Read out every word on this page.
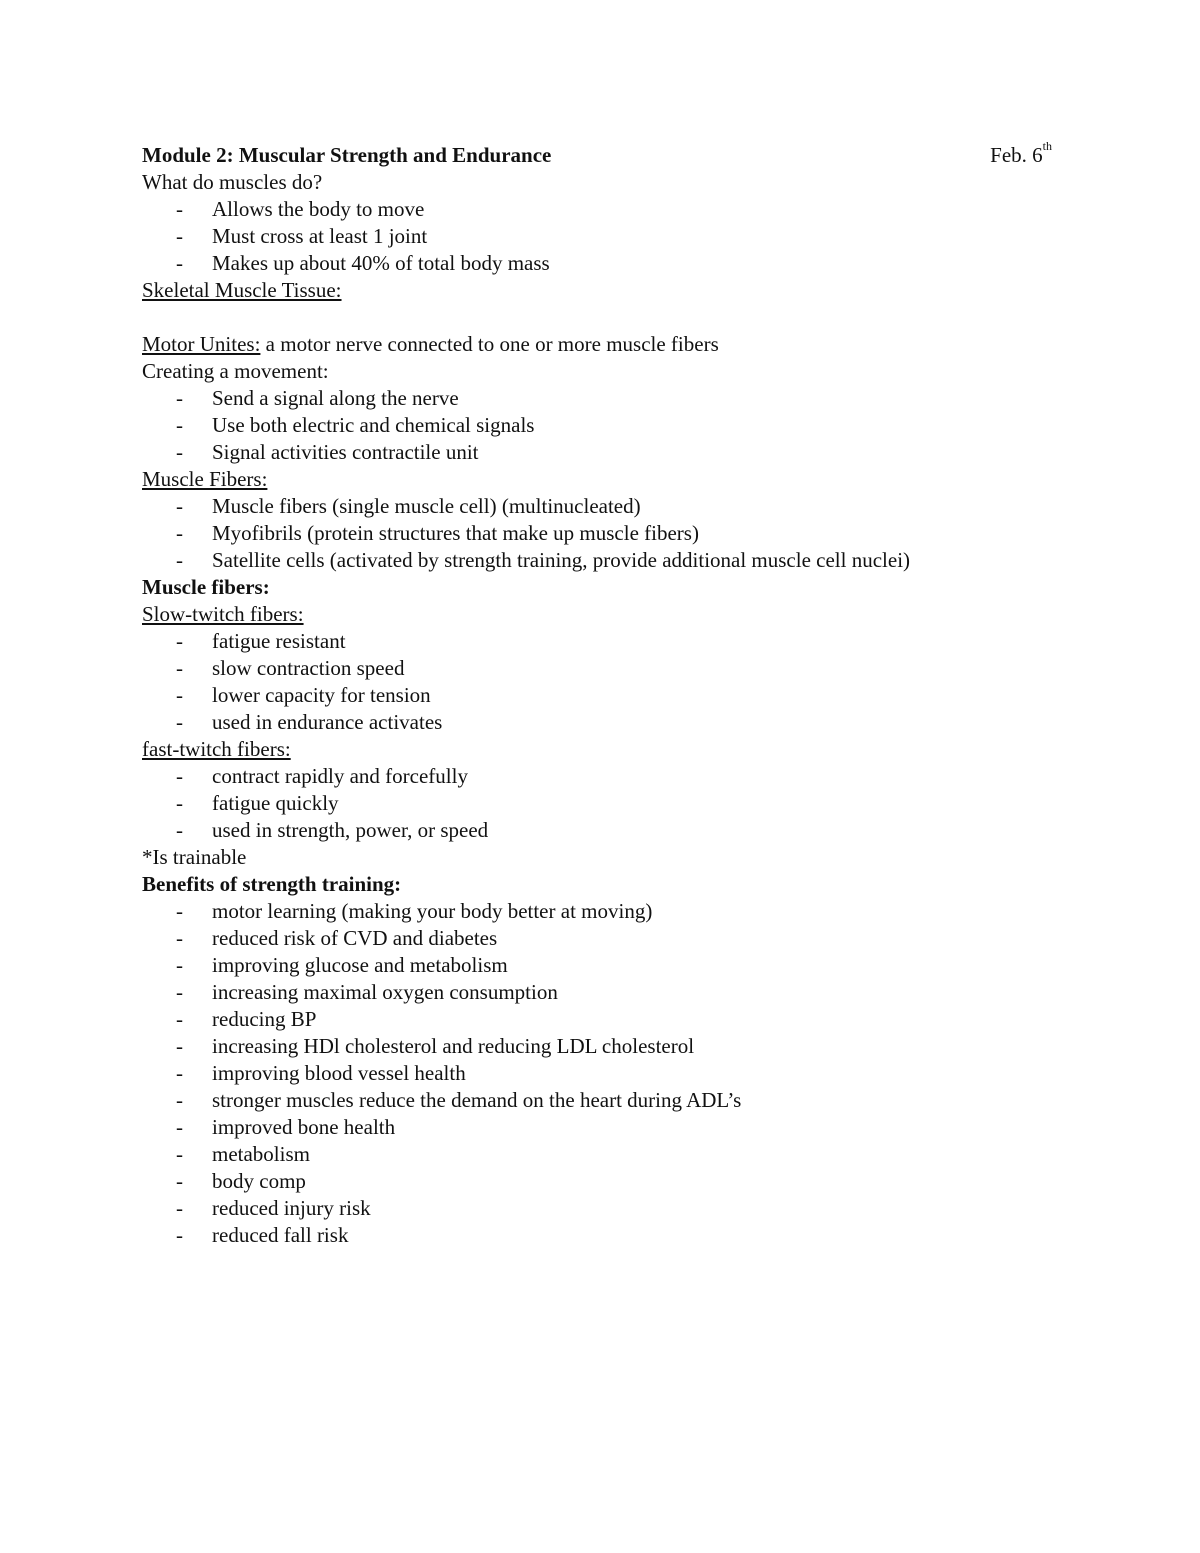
Module 2: Muscular Strength and Endurance	Feb. 6th
What do muscles do?
- Allows the body to move
- Must cross at least 1 joint
- Makes up about 40% of total body mass
Skeletal Muscle Tissue:
Motor Unites: a motor nerve connected to one or more muscle fibers
Creating a movement:
- Send a signal along the nerve
- Use both electric and chemical signals
- Signal activities contractile unit
Muscle Fibers:
- Muscle fibers (single muscle cell) (multinucleated)
- Myofibrils (protein structures that make up muscle fibers)
- Satellite cells (activated by strength training, provide additional muscle cell nuclei)
Muscle fibers:
Slow-twitch fibers:
- fatigue resistant
- slow contraction speed
- lower capacity for tension
- used in endurance activates
fast-twitch fibers:
- contract rapidly and forcefully
- fatigue quickly
- used in strength, power, or speed
*Is trainable
Benefits of strength training:
- motor learning (making your body better at moving)
- reduced risk of CVD and diabetes
- improving glucose and metabolism
- increasing maximal oxygen consumption
- reducing BP
- increasing HDl cholesterol and reducing LDL cholesterol
- improving blood vessel health
- stronger muscles reduce the demand on the heart during ADL’s
- improved bone health
- metabolism
- body comp
- reduced injury risk
- reduced fall risk
